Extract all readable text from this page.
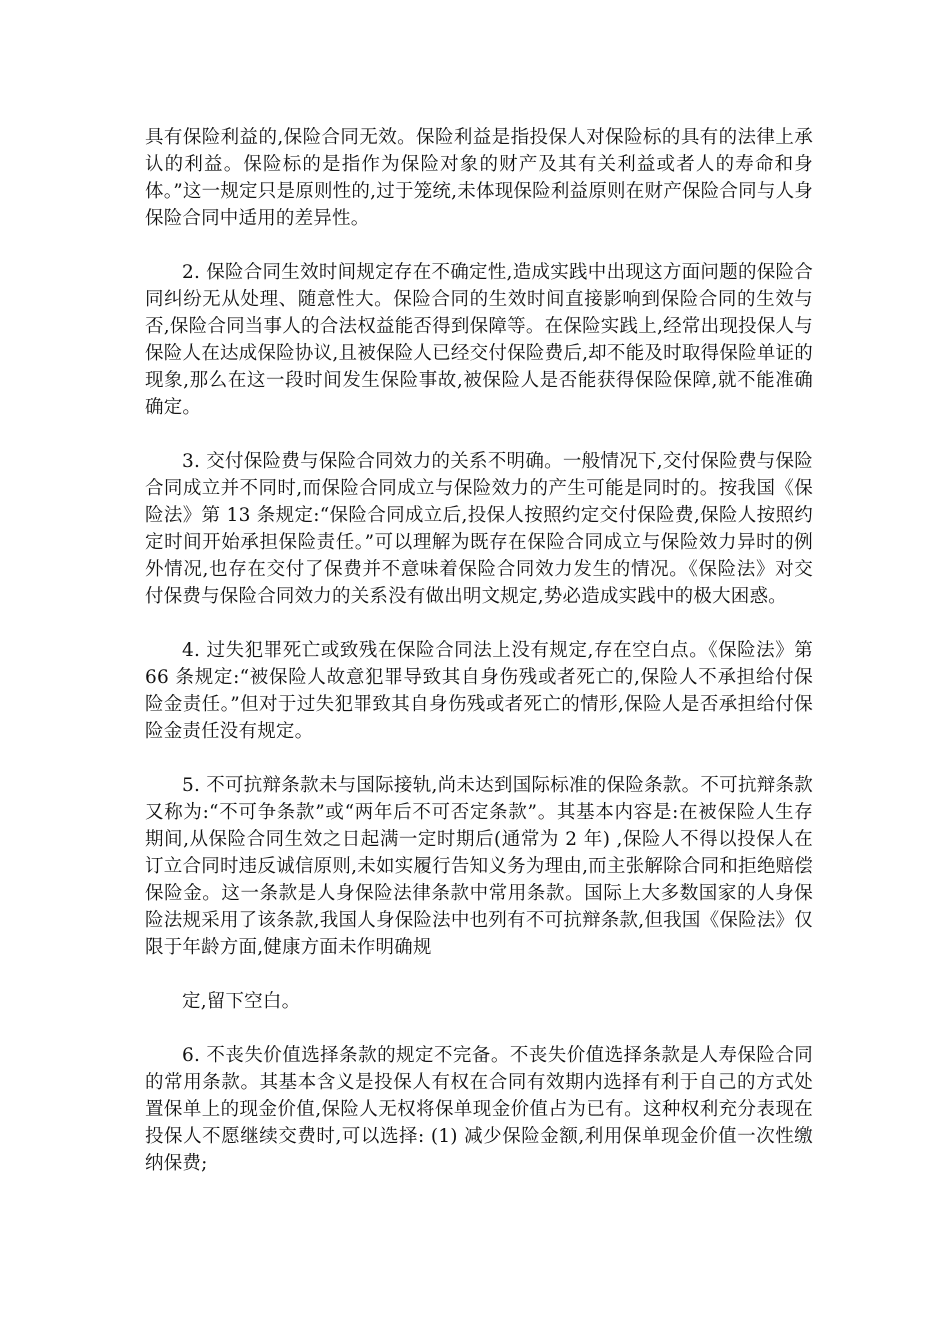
具有保险利益的,保险合同无效。保险利益是指投保人对保险标的具有的法律上承认的利益。保险标的是指作为保险对象的财产及其有关利益或者人的寿命和身体。”这一规定只是原则性的,过于笼统,未体现保险利益原则在财产保险合同与人身保险合同中适用的差异性。

2. 保险合同生效时间规定存在不确定性,造成实践中出现这方面问题的保险合同纠纷无从处理、随意性大。保险合同的生效时间直接影响到保险合同的生效与否,保险合同当事人的合法权益能否得到保障等。在保险实践上,经常出现投保人与保险人在达成保险协议,且被保险人已经交付保险费后,却不能及时取得保险单证的现象,那么在这一段时间发生保险事故,被保险人是否能获得保险保障,就不能准确确定。

3. 交付保险费与保险合同效力的关系不明确。一般情况下,交付保险费与保险合同成立并不同时,而保险合同成立与保险效力的产生可能是同时的。按我国《保险法》第 13 条规定:“保险合同成立后,投保人按照约定交付保险费,保险人按照约定时间开始承担保险责任。”可以理解为既存在保险合同成立与保险效力异时的例外情况,也存在交付了保费并不意味着保险合同效力发生的情况。《保险法》对交付保费与保险合同效力的关系没有做出明文规定,势必造成实践中的极大困惑。

4. 过失犯罪死亡或致残在保险合同法上没有规定,存在空白点。《保险法》第 66 条规定:“被保险人故意犯罪导致其自身伤残或者死亡的,保险人不承担给付保险金责任。”但对于过失犯罪致其自身伤残或者死亡的情形,保险人是否承担给付保险金责任没有规定。

5. 不可抗辩条款未与国际接轨,尚未达到国际标准的保险条款。不可抗辩条款又称为:“不可争条款”或“两年后不可否定条款”。其基本内容是:在被保险人生存期间,从保险合同生效之日起满一定时期后(通常为 2 年) ,保险人不得以投保人在订立合同时违反诚信原则,未如实履行告知义务为理由,而主张解除合同和拒绝赔偿保险金。这一条款是人身保险法律条款中常用条款。国际上大多数国家的人身保险法规采用了该条款,我国人身保险法中也列有不可抗辩条款,但我国《保险法》仅限于年龄方面,健康方面未作明确规

定,留下空白。

6. 不丧失价值选择条款的规定不完备。不丧失价值选择条款是人寿保险合同的常用条款。其基本含义是投保人有权在合同有效期内选择有利于自己的方式处置保单上的现金价值,保险人无权将保单现金价值占为已有。这种权利充分表现在投保人不愿继续交费时,可以选择: (1) 减少保险金额,利用保单现金价值一次性缴纳保费;
